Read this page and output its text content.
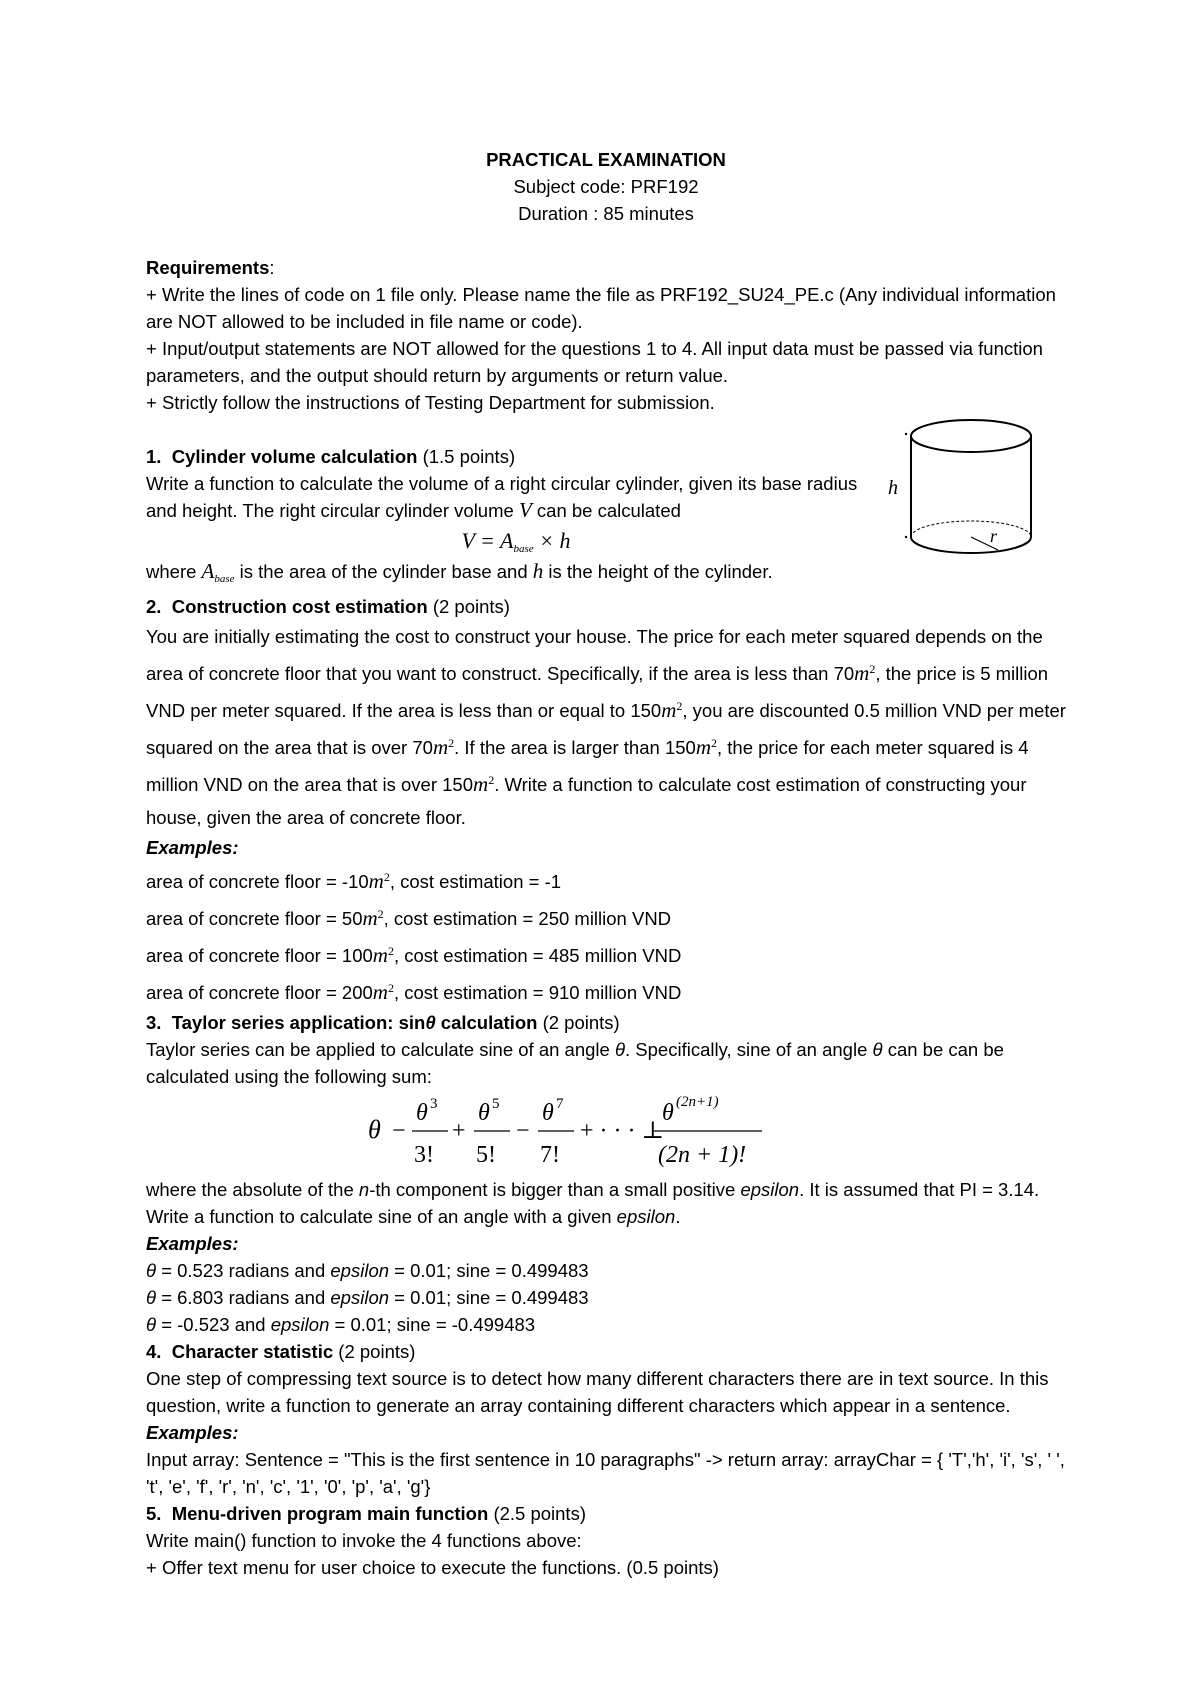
PRACTICAL EXAMINATION
Subject code: PRF192
Duration : 85 minutes
Requirements:
+ Write the lines of code on 1 file only. Please name the file as PRF192_SU24_PE.c (Any individual information are NOT allowed to be included in file name or code).
+ Input/output statements are NOT allowed for the questions 1 to 4. All input data must be passed via function parameters, and the output should return by arguments or return value.
+ Strictly follow the instructions of Testing Department for submission.
1. Cylinder volume calculation (1.5 points)
Write a function to calculate the volume of a right circular cylinder, given its base radius and height. The right circular cylinder volume V can be calculated
$V = A_{base} \times h$
where $A_{base}$ is the area of the cylinder base and h is the height of the cylinder.
2. Construction cost estimation (2 points)
You are initially estimating the cost to construct your house. The price for each meter squared depends on the area of concrete floor that you want to construct. Specifically, if the area is less than $70m^2$, the price is 5 million VND per meter squared. If the area is less than or equal to $150m^2$, you are discounted 0.5 million VND per meter squared on the area that is over $70m^2$. If the area is larger than $150m^2$, the price for each meter squared is 4 million VND on the area that is over $150m^2$. Write a function to calculate cost estimation of constructing your house, given the area of concrete floor.
Examples:
area of concrete floor = $-10m^2$, cost estimation = -1
area of concrete floor = $50m^2$, cost estimation = 250 million VND
area of concrete floor = $100m^2$, cost estimation = 485 million VND
area of concrete floor = $200m^2$, cost estimation = 910 million VND
3. Taylor series application: sinθ calculation (2 points)
Taylor series can be applied to calculate sine of an angle θ. Specifically, sine of an angle θ can be can be calculated using the following sum:
θ −
θ 3
3!
+
θ 5
5!
−
θ 7
7!
+ · · · ⊥
θ (2n+1)
(2n + 1)!
where the absolute of the n-th component is bigger than a small positive epsilon. It is assumed that PI = 3.14. Write a function to calculate sine of an angle with a given epsilon.
Examples:
θ = 0.523 radians and epsilon = 0.01; sine = 0.499483
θ = 6.803 radians and epsilon = 0.01; sine = 0.499483
θ = -0.523 and epsilon = 0.01; sine = -0.499483
4. Character statistic (2 points)
One step of compressing text source is to detect how many different characters there are in text source. In this question, write a function to generate an array containing different characters which appear in a sentence.
Examples:
Input array: Sentence = "This is the first sentence in 10 paragraphs" -> return array: arrayChar = { 'T','h', 'i', 's', ' ', 't', 'e', 'f', 'r', 'n', 'c', '1', '0', 'p', 'a', 'g'}
5. Menu-driven program main function (2.5 points)
Write main() function to invoke the 4 functions above:
+ Offer text menu for user choice to execute the functions. (0.5 points)
r
h
